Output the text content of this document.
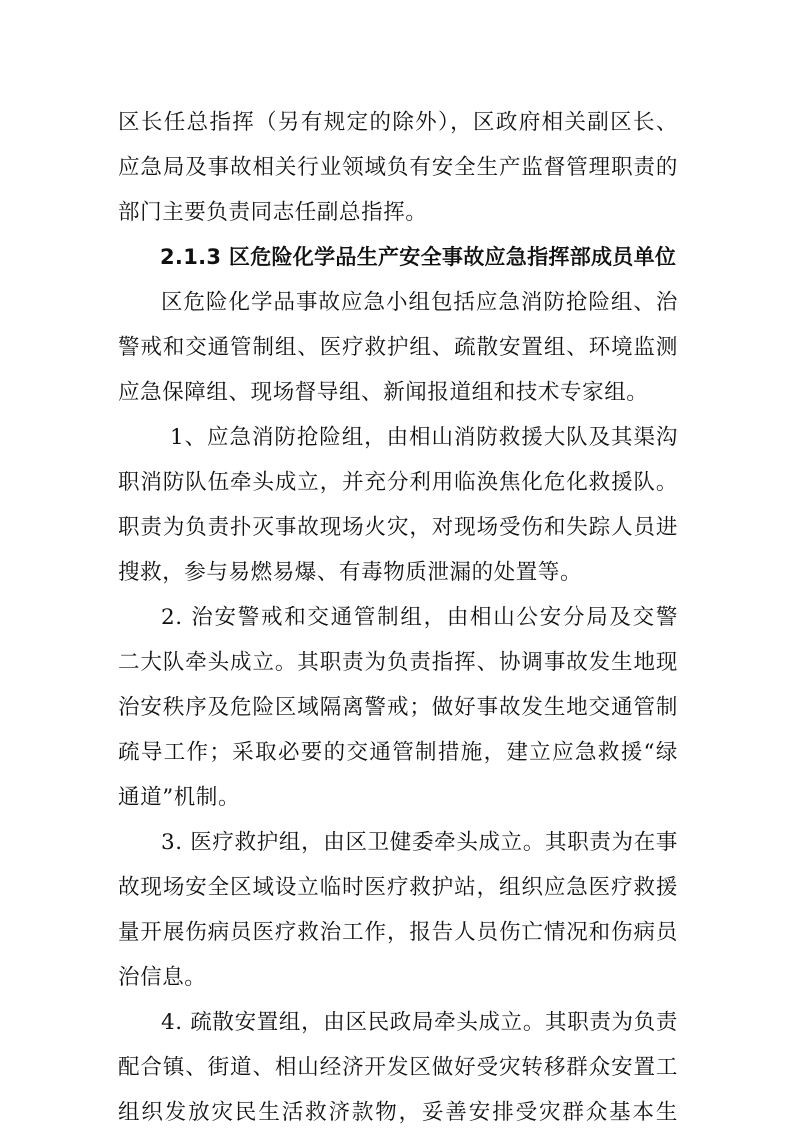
区长任总指挥（另有规定的除外），区政府相关副区长、
应急局及事故相关行业领域负有安全生产监督管理职责的
部门主要负责同志任副总指挥。
2.1.3 区危险化学品生产安全事故应急指挥部成员单位
区危险化学品事故应急小组包括应急消防抢险组、治
警戒和交通管制组、医疗救护组、疏散安置组、环境监测
应急保障组、现场督导组、新闻报道组和技术专家组。
1、应急消防抢险组，由相山消防救援大队及其渠沟
职消防队伍牵头成立，并充分利用临涣焦化危化救援队。
职责为负责扑灭事故现场火灾，对现场受伤和失踪人员进
搜救，参与易燃易爆、有毒物质泄漏的处置等。
2. 治安警戒和交通管制组，由相山公安分局及交警
二大队牵头成立。其职责为负责指挥、协调事故发生地现
治安秩序及危险区域隔离警戒；做好事故发生地交通管制
疏导工作；采取必要的交通管制措施，建立应急救援“绿
通道”机制。
3. 医疗救护组，由区卫健委牵头成立。其职责为在事
故现场安全区域设立临时医疗救护站，组织应急医疗救援
量开展伤病员医疗救治工作，报告人员伤亡情况和伤病员
治信息。
4. 疏散安置组，由区民政局牵头成立。其职责为负责
配合镇、街道、相山经济开发区做好受灾转移群众安置工
组织发放灾民生活救济款物，妥善安排受灾群众基本生
